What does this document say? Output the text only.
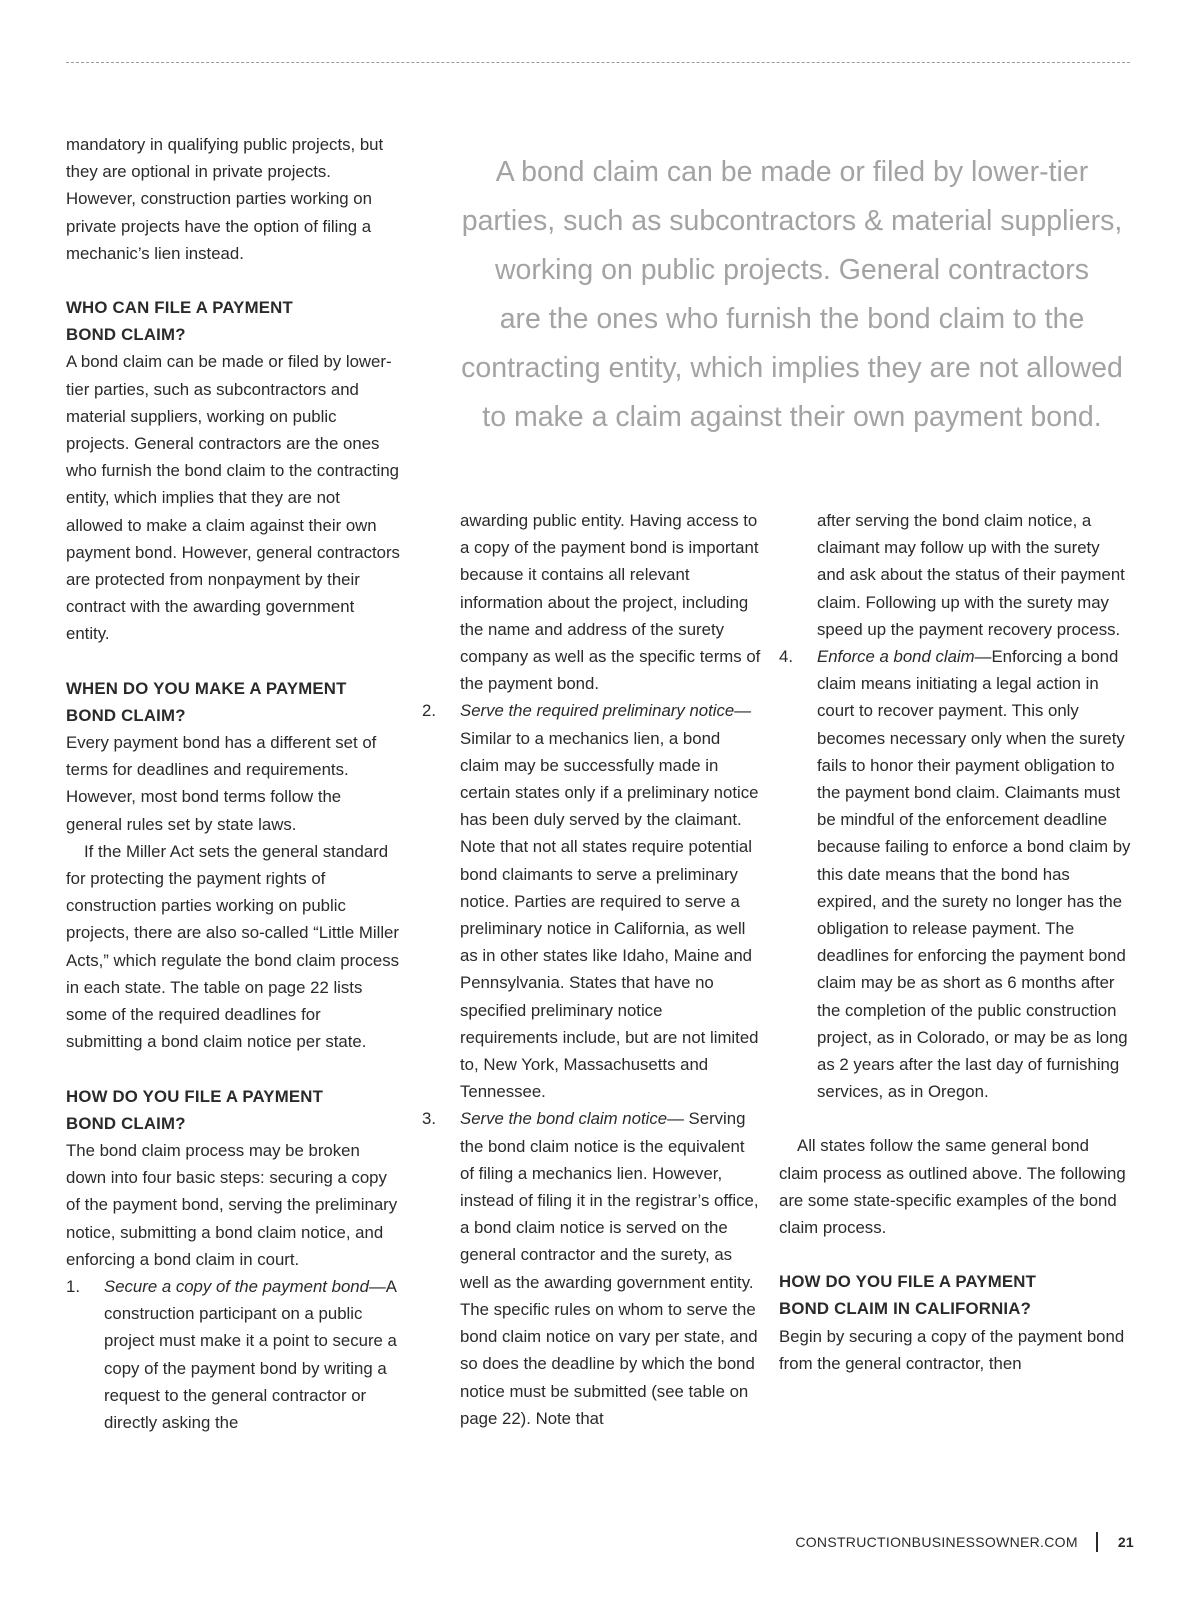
mandatory in qualifying public projects, but they are optional in private projects. However, construction parties working on private projects have the option of filing a mechanic’s lien instead.

WHO CAN FILE A PAYMENT BOND CLAIM?

A bond claim can be made or filed by lower-tier parties, such as subcontractors and material suppliers, working on public projects. General contractors are the ones who furnish the bond claim to the contracting entity, which implies that they are not allowed to make a claim against their own payment bond. However, general contractors are protected from nonpayment by their contract with the awarding government entity.

WHEN DO YOU MAKE A PAYMENT BOND CLAIM?

Every payment bond has a different set of terms for deadlines and requirements. However, most bond terms follow the general rules set by state laws.

If the Miller Act sets the general standard for protecting the payment rights of construction parties working on public projects, there are also so-called “Little Miller Acts,” which regulate the bond claim process in each state. The table on page 22 lists some of the required deadlines for submitting a bond claim notice per state.

HOW DO YOU FILE A PAYMENT BOND CLAIM?

The bond claim process may be broken down into four basic steps: securing a copy of the payment bond, serving the preliminary notice, submitting a bond claim notice, and enforcing a bond claim in court.

1.	Secure a copy of the payment bond—A construction participant on a public project must make it a point to secure a copy of the payment bond by writing a request to the general contractor or directly asking the

A bond claim can be made or filed by lower-tier

parties, such as subcontractors & material suppliers,

working on public projects. General contractors

are the ones who furnish the bond claim to the

contracting entity, which implies they are not allowed

to make a claim against their own payment bond.

awarding public entity. Having access to a copy of the payment bond is important because it contains all relevant information about the project, including the name and address of the surety company as well as the specific terms of the payment bond.

2.	Serve the required preliminary notice—Similar to a mechanics lien, a bond claim may be successfully made in certain states only if a preliminary notice has been duly served by the claimant. Note that not all states require potential bond claimants to serve a preliminary notice. Parties are required to serve a preliminary notice in California, as well as in other states like Idaho, Maine and Pennsylvania. States that have no specified preliminary notice requirements include, but are not limited to, New York, Massachusetts and Tennessee.
3.	Serve the bond claim notice— Serving the bond claim notice is the equivalent of filing a mechanics lien. However, instead of filing it in the registrar’s office, a bond claim notice is served on the general contractor and the surety, as well as the awarding government entity. The specific rules on whom to serve the bond claim notice on vary per state, and so does the deadline by which the bond notice must be submitted (see table on page 22). Note that

after serving the bond claim notice, a claimant may follow up with the surety and ask about the status of their payment claim. Following up with the surety may speed up the payment recovery process.

4.	Enforce a bond claim—Enforcing a bond claim means initiating a legal action in court to recover payment. This only becomes necessary only when the surety fails to honor their payment obligation to the payment bond claim. Claimants must be mindful of the enforcement deadline because failing to enforce a bond claim by this date means that the bond has expired, and the surety no longer has the obligation to release payment. The deadlines for enforcing the payment bond claim may be as short as 6 months after the completion of the public construction project, as in Colorado, or may be as long as 2 years after the last day of furnishing services, as in Oregon.

All states follow the same general bond claim process as outlined above. The following are some state-specific examples of the bond claim process.

HOW DO YOU FILE A PAYMENT BOND CLAIM IN CALIFORNIA?

Begin by securing a copy of the payment bond from the general contractor, then

CONSTRUCTIONBUSINESSOWNER.COM	21
